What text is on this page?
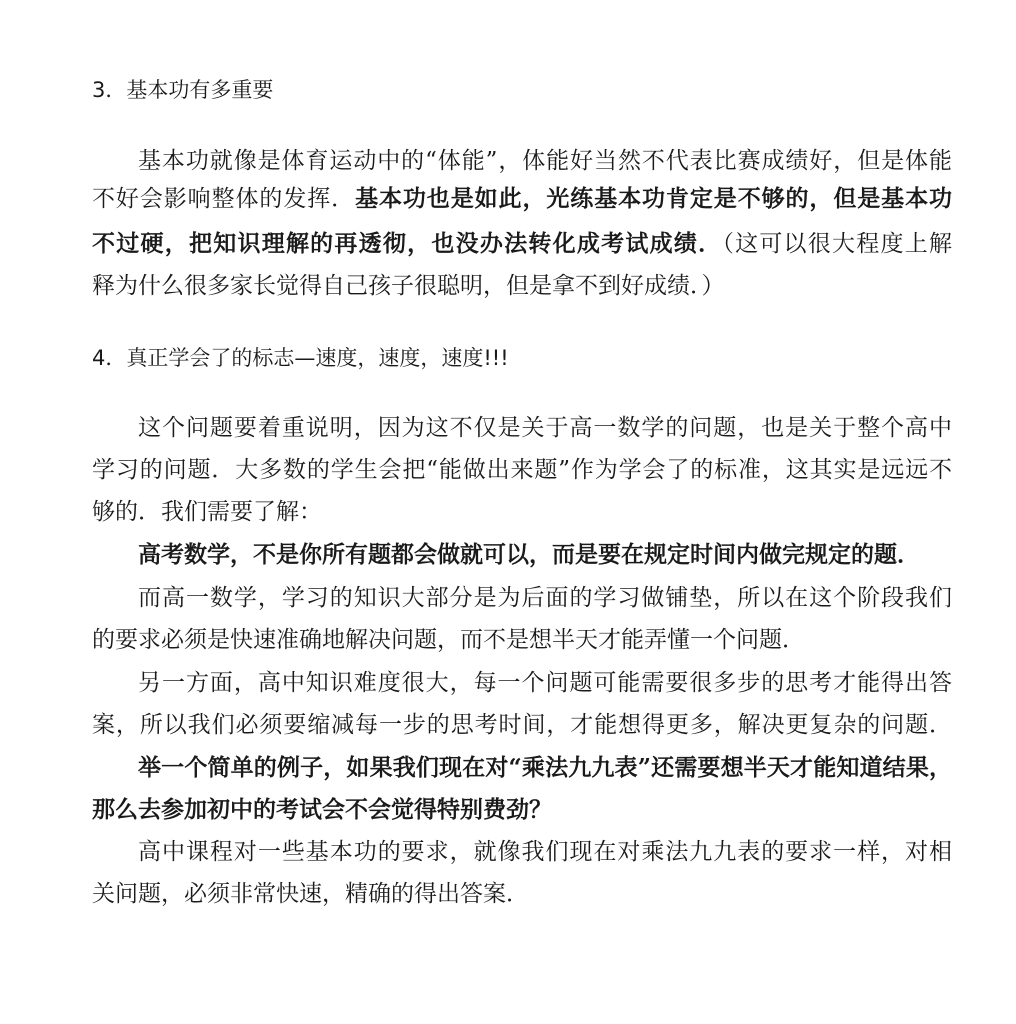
3．基本功有多重要
基本功就像是体育运动中的“体能”，体能好当然不代表比赛成绩好，但是体能
不好会影响整体的发挥．基本功也是如此，光练基本功肯定是不够的，但是基本功
不过硬，把知识理解的再透彻，也没办法转化成考试成绩．（这可以很大程度上解
释为什么很多家长觉得自己孩子很聪明，但是拿不到好成绩．）
4．真正学会了的标志—速度，速度，速度!!!
这个问题要着重说明，因为这不仅是关于高一数学的问题，也是关于整个高中
学习的问题．大多数的学生会把“能做出来题”作为学会了的标准，这其实是远远不
够的．我们需要了解：
高考数学，不是你所有题都会做就可以，而是要在规定时间内做完规定的题．
而高一数学，学习的知识大部分是为后面的学习做铺垫，所以在这个阶段我们
的要求必须是快速准确地解决问题，而不是想半天才能弄懂一个问题．
另一方面，高中知识难度很大，每一个问题可能需要很多步的思考才能得出答
案，所以我们必须要缩减每一步的思考时间，才能想得更多，解决更复杂的问题．
举一个简单的例子，如果我们现在对“乘法九九表”还需要想半天才能知道结果，
那么去参加初中的考试会不会觉得特别费劲？
高中课程对一些基本功的要求，就像我们现在对乘法九九表的要求一样，对相
关问题，必须非常快速，精确的得出答案．
